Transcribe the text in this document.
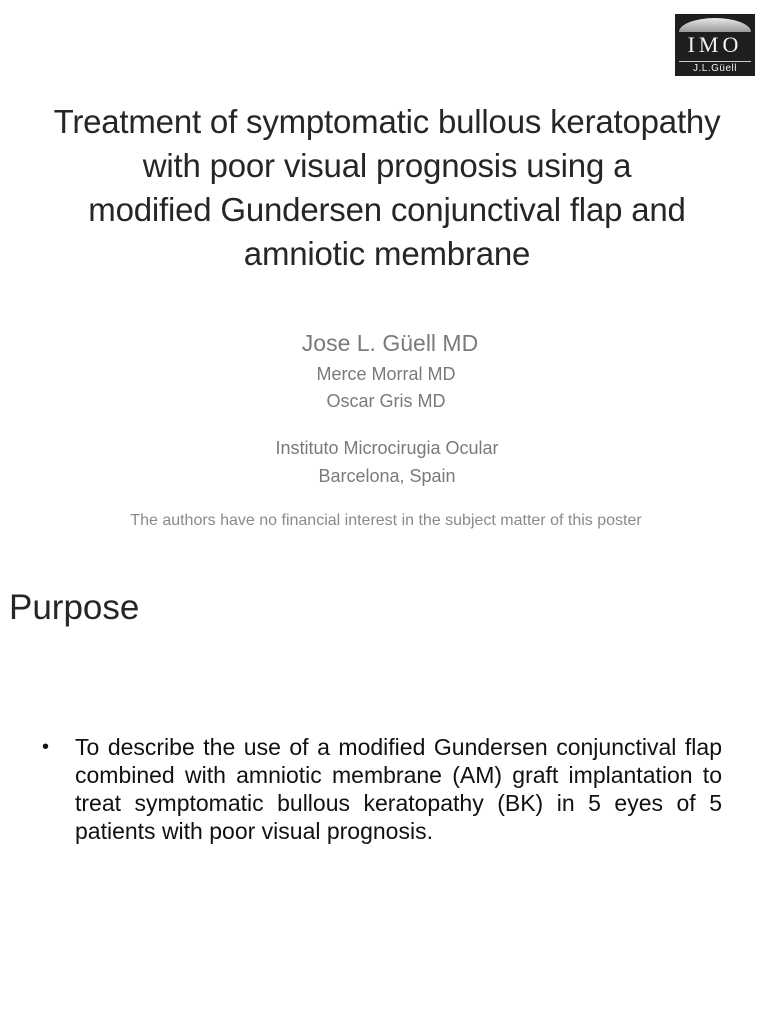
IMO
J.L.Güell
Treatment of symptomatic bullous keratopathy
with poor visual prognosis using a
modified Gundersen conjunctival flap and
amniotic membrane
Jose L. Güell MD
Merce Morral MD
Oscar Gris MD
Instituto Microcirugia Ocular
Barcelona, Spain
The authors have no financial interest in the subject matter of this poster
Purpose
• To describe the use of a modified Gundersen conjunctival flap combined with amniotic membrane (AM) graft implantation to treat symptomatic bullous keratopathy (BK) in 5 eyes of 5 patients with poor visual prognosis.
